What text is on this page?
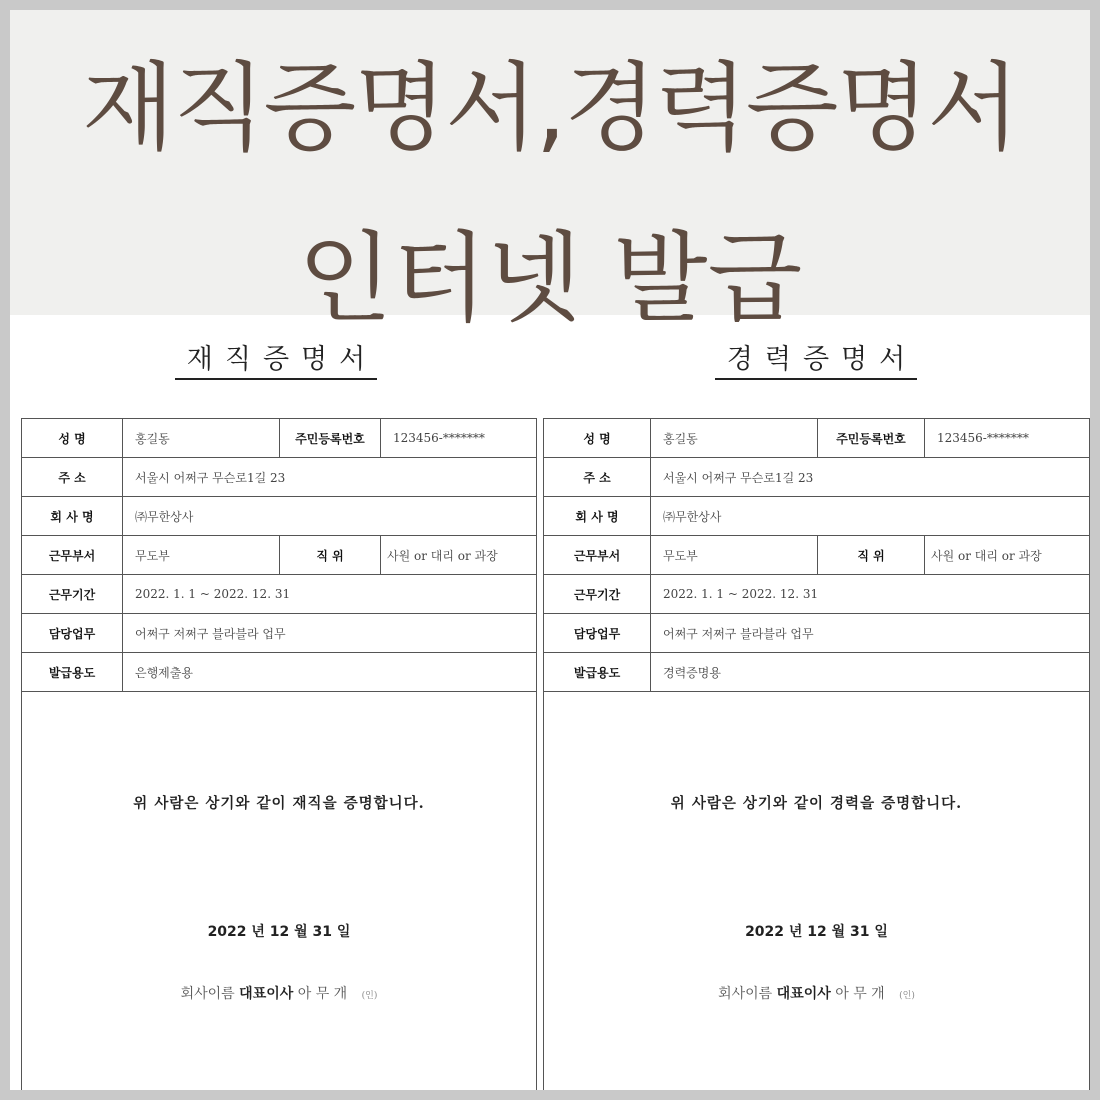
재직증명서,경력증명서
인터넷 발급
재직증명서
성 명	홍길동	주민등록번호	123456-*******
주 소	서울시 어쩌구 무슨로1길 23
회 사 명	㈜무한상사
근무부서	무도부	직 위	사원 or 대리 or 과장
근무기간	2022. 1. 1 ~ 2022. 12. 31
담당업무	어쩌구 저쩌구 블라블라 업무
발급용도	은행제출용
위 사람은 상기와 같이 재직을 증명합니다.
2022 년 12 월 31 일
회사이름 대표이사 아 무 개 (인)
경력증명서
성 명	홍길동	주민등록번호	123456-*******
주 소	서울시 어쩌구 무슨로1길 23
회 사 명	㈜무한상사
근무부서	무도부	직 위	사원 or 대리 or 과장
근무기간	2022. 1. 1 ~ 2022. 12. 31
담당업무	어쩌구 저쩌구 블라블라 업무
발급용도	경력증명용
위 사람은 상기와 같이 경력을 증명합니다.
2022 년 12 월 31 일
회사이름 대표이사 아 무 개 (인)
